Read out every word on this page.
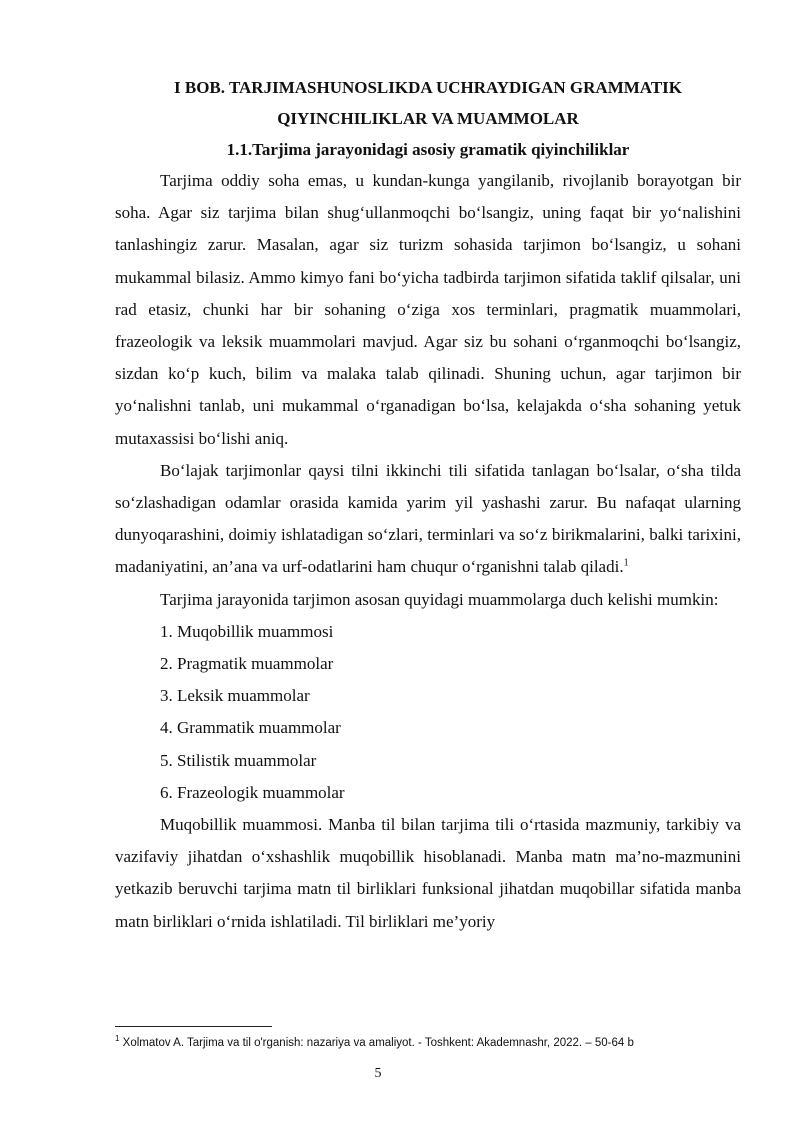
I BOB. TARJIMASHUNOSLIKDA UCHRAYDIGAN GRAMMATIK

QIYINCHILIKLAR VA MUAMMOLAR

1.1.Tarjima jarayonidagi asosiy gramatik qiyinchiliklar

Tarjima oddiy soha emas, u kundan-kunga yangilanib, rivojlanib borayotgan bir soha. Agar siz tarjima bilan shug‘ullanmoqchi bo‘lsangiz, uning faqat bir yo‘nalishini tanlashingiz zarur. Masalan, agar siz turizm sohasida tarjimon bo‘lsangiz, u sohani mukammal bilasiz. Ammo kimyo fani bo‘yicha tadbirda tarjimon sifatida taklif qilsalar, uni rad etasiz, chunki har bir sohaning o‘ziga xos terminlari, pragmatik muammolari, frazeologik va leksik muammolari mavjud. Agar siz bu sohani o‘rganmoqchi bo‘lsangiz, sizdan ko‘p kuch, bilim va malaka talab qilinadi. Shuning uchun, agar tarjimon bir yo‘nalishni tanlab, uni mukammal o‘rganadigan bo‘lsa, kelajakda o‘sha sohaning yetuk mutaxassisi bo‘lishi aniq.

Bo‘lajak tarjimonlar qaysi tilni ikkinchi tili sifatida tanlagan bo‘lsalar, o‘sha tilda so‘zlashadigan odamlar orasida kamida yarim yil yashashi zarur. Bu nafaqat ularning dunyoqarashini, doimiy ishlatadigan so‘zlari, terminlari va so‘z birikmalarini, balki tarixini, madaniyatini, an’ana va urf-odatlarini ham chuqur o‘rganishni talab qiladi.$^1$

Tarjima jarayonida tarjimon asosan quyidagi muammolarga duch kelishi mumkin:

1. Muqobillik muammosi
2. Pragmatik muammolar
3. Leksik muammolar
4. Grammatik muammolar
5. Stilistik muammolar
6. Frazeologik muammolar

Muqobillik muammosi. Manba til bilan tarjima tili o‘rtasida mazmuniy, tarkibiy va vazifaviy jihatdan o‘xshashlik muqobillik hisoblanadi. Manba matn ma’no-mazmunini yetkazib beruvchi tarjima matn til birliklari funksional jihatdan muqobillar sifatida manba matn birliklari o‘rnida ishlatiladi. Til birliklari me’yoriy

$^1$ Xolmatov A. Tarjima va til o'rganish: nazariya va amaliyot. - Toshkent: Akademnashr, 2022. – 50-64 b
5
